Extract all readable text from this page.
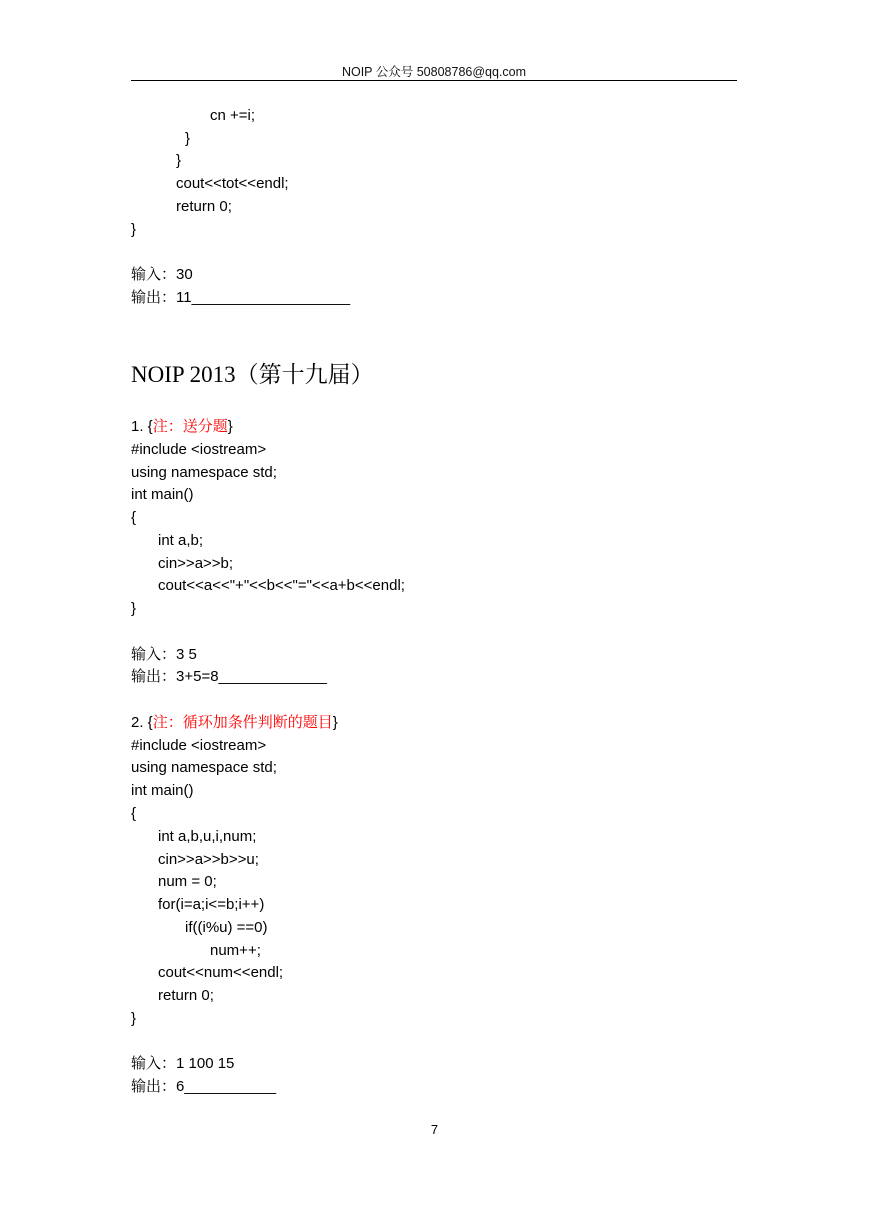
NOIP 公众号 50808786@qq.com
cn +=i;
}
}
cout<<tot<<endl;
return 0;
}
输入：30
输出：11___________________
NOIP 2013（第十九届）
1. {注：送分题}
#include <iostream>
using namespace std;
int main()
{
int a,b;
cin>>a>>b;
cout<<a<<"+"<<b<<"="<<a+b<<endl;
}
输入：3 5
输出：3+5=8_____________
2. {注：循环加条件判断的题目}
#include <iostream>
using namespace std;
int main()
{
int a,b,u,i,num;
cin>>a>>b>>u;
num = 0;
for(i=a;i<=b;i++)
if((i%u) ==0)
num++;
cout<<num<<endl;
return 0;
}
输入：1 100 15
输出：6___________
7
